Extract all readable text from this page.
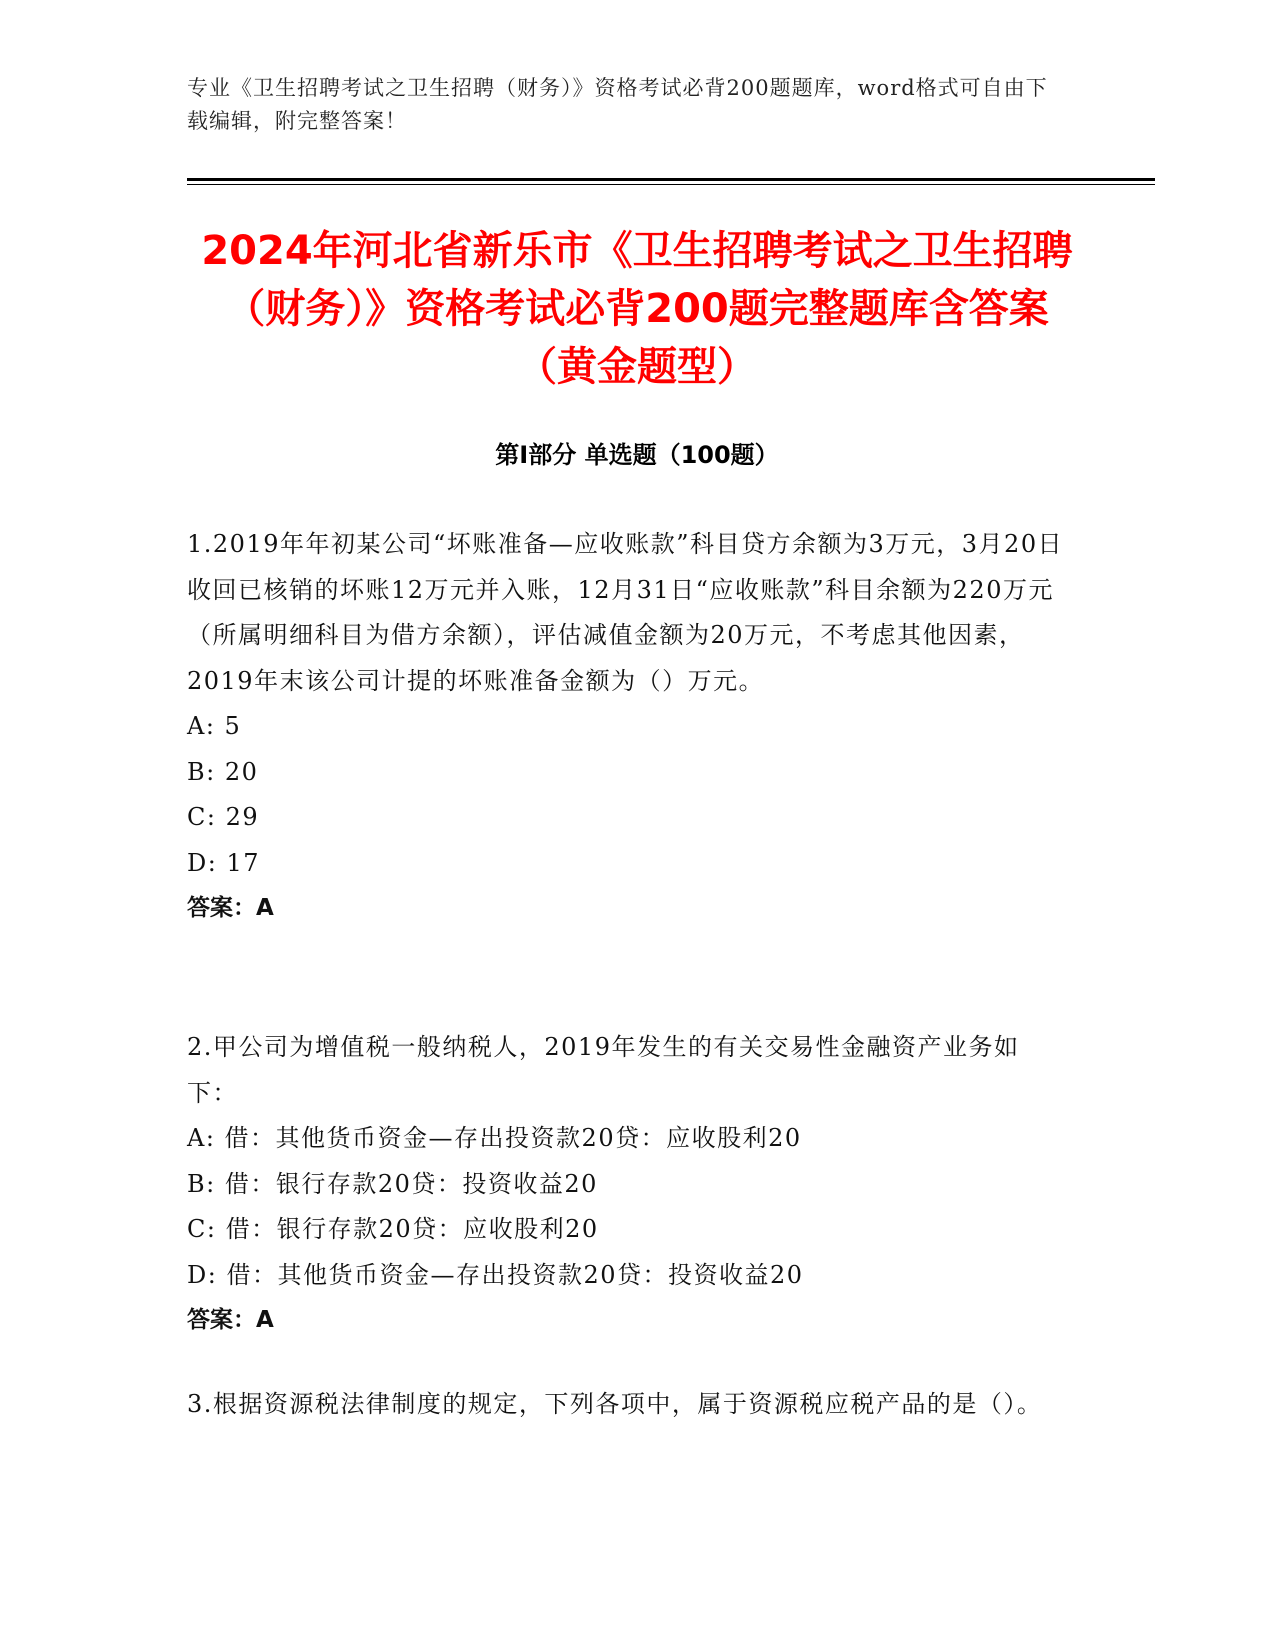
专业《卫生招聘考试之卫生招聘（财务）》资格考试必背200题题库，word格式可自由下载编辑，附完整答案！
2024年河北省新乐市《卫生招聘考试之卫生招聘（财务）》资格考试必背200题完整题库含答案（黄金题型）
第I部分 单选题（100题）
1.2019年年初某公司“坏账准备—应收账款”科目贷方余额为3万元，3月20日收回已核销的坏账12万元并入账，12月31日“应收账款”科目余额为220万元（所属明细科目为借方余额），评估减值金额为20万元，不考虑其他因素，2019年末该公司计提的坏账准备金额为（）万元。
A: 5
B: 20
C: 29
D: 17
答案：A
2.甲公司为增值税一般纳税人，2019年发生的有关交易性金融资产业务如下：
A: 借：其他货币资金—存出投资款20贷：应收股利20
B: 借：银行存款20贷：投资收益20
C: 借：银行存款20贷：应收股利20
D: 借：其他货币资金—存出投资款20贷：投资收益20
答案：A
3.根据资源税法律制度的规定，下列各项中，属于资源税应税产品的是（）。
